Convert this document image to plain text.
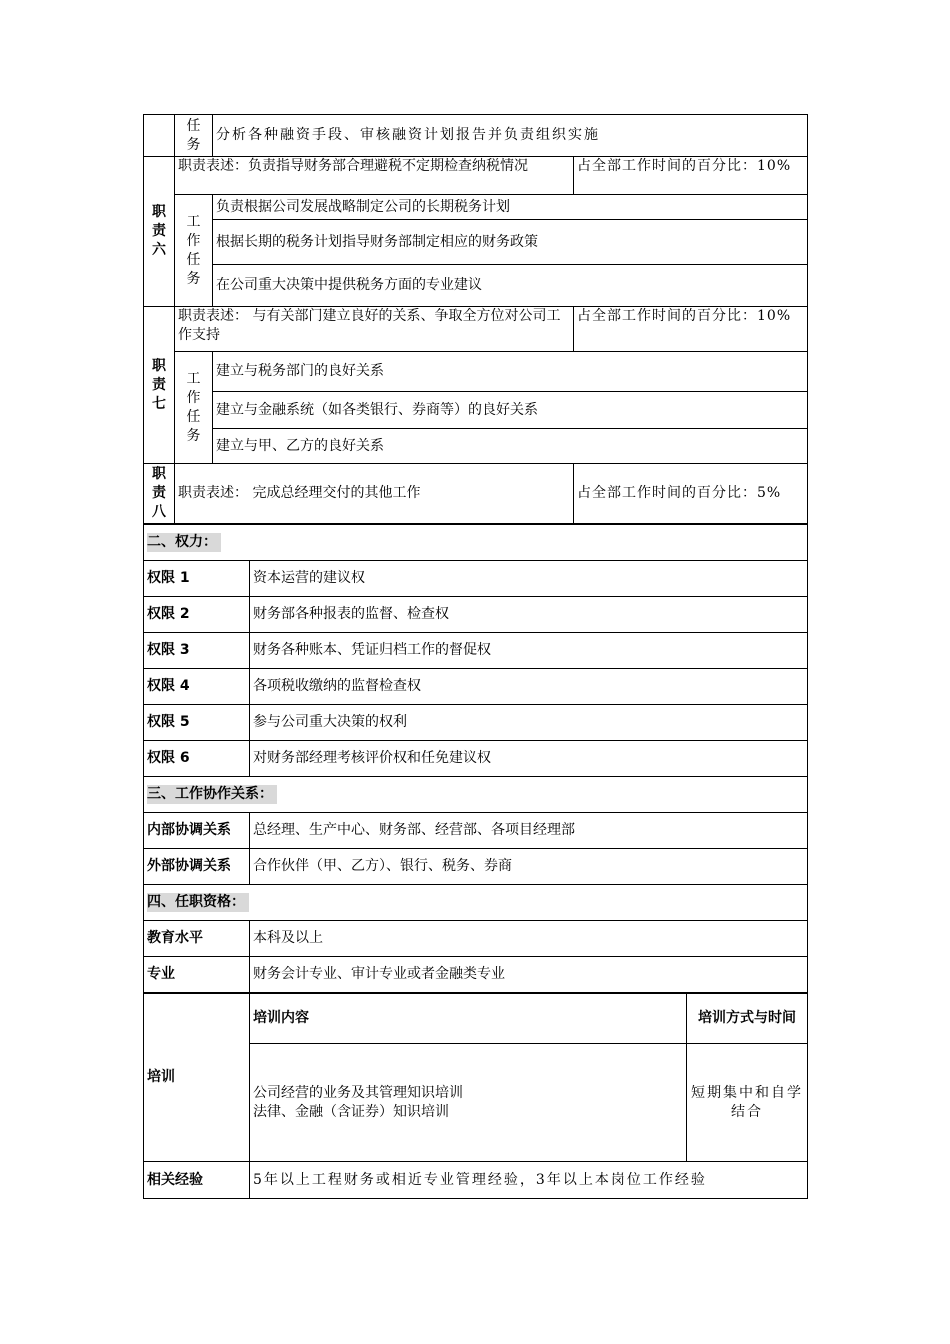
	任务	分析各种融资手段、审核融资计划报告并负责组织实施	
职责六	职责表述：负责指导财务部合理避税不定期检查纳税情况		占全部工作时间的百分比：10%
	工作任务	负责根据公司发展战略制定公司的长期税务计划	
		根据长期的税务计划指导财务部制定相应的财务政策	
		在公司重大决策中提供税务方面的专业建议	
职责七	职责表述： 与有关部门建立良好的关系、争取全方位对公司工作支持		占全部工作时间的百分比：10%
	工作任务	建立与税务部门的良好关系	
		建立与金融系统（如各类银行、券商等）的良好关系	
		建立与甲、乙方的良好关系	
职责八	职责表述： 完成总经理交付的其他工作		占全部工作时间的百分比：5%
二、权力：	
权限 1	资本运营的建议权
权限 2	财务部各种报表的监督、检查权
权限 3	财务各种账本、凭证归档工作的督促权
权限 4	各项税收缴纳的监督检查权
权限 5	参与公司重大决策的权利
权限 6	对财务部经理考核评价权和任免建议权
三、工作协作关系：	
内部协调关系	总经理、生产中心、财务部、经营部、各项目经理部
外部协调关系	合作伙伴（甲、乙方）、银行、税务、券商
四、任职资格：	
教育水平	本科及以上
专业	财务会计专业、审计专业或者金融类专业
培训	培训内容	培训方式与时间

	公司经营的业务及其管理知识培训
法律、金融（含证券）知识培训	短期集中和自学结合
相关经验	5年以上工程财务或相近专业管理经验，3年以上本岗位工作经验	
